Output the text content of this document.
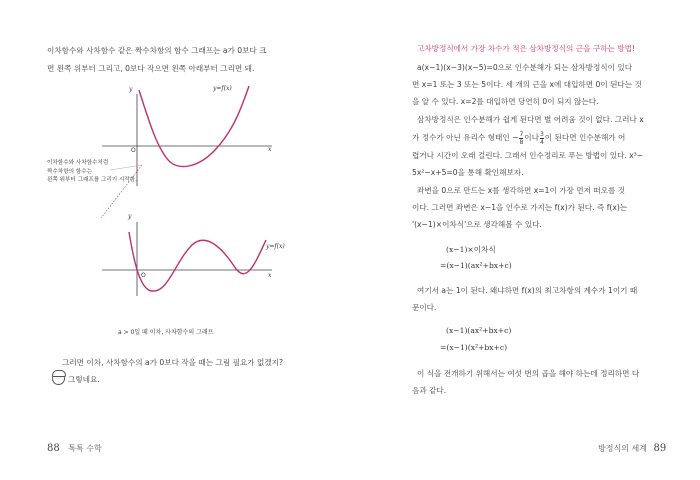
이차함수와 사차함수 같은 짝수차항의 함수 그래프는 a가 0보다 크
면 왼쪽 위부터 그리고, 0보다 작으면 왼쪽 아래부터 그리면 돼.
y
x
O
y=f(x)
y
x
O
y=f(x)
이차함수와 사차함수처럼
짝수차항의 함수는
왼쪽 위부터 그래프를 그리기 시작함.
a > 0일 때 이차, 사차함수의 그래프
그러면 이차, 사차함수의 a가 0보다 작을 때는 그림 필요가 없겠지?
그렇네요.
88 톡톡 수학
고차방정식에서 가장 차수가 적은 삼차방정식의 근을 구하는 방법!
a(x−1)(x−3)(x−5)=0으로 인수분해가 되는 삼차방정식이 있다
면 x=1 또는 3 또는 5이다. 세 개의 근을 x에 대입하면 0이 된다는 것
을 알 수 있다. x=2를 대입하면 당연히 0이 되지 않는다.
삼차방정식은 인수분해가 쉽게 된다면 별 어려움 것이 없다. 그러나 x
가 정수가 아닌 유리수 형태인 − $\frac{7}{8}$ 이나 $\frac{3}{4}$ 이 된다면 인수분해가 어
렵거나 시간이 오래 걸린다. 그래서 인수정리로 푸는 방법이 있다. x³−
5x²−x+5=0을 통해 확인해보자.
좌변을 0으로 만드는 x를 생각하면 x=1이 가장 먼저 떠오를 것
이다. 그러면 좌변은 x−1을 인수로 가지는 f(x)가 된다. 즉 f(x)는
'(x−1)×이차식'으로 생각해볼 수 있다.
(x−1)×이차식
=(x−1)(ax²+bx+c)
여기서 a는 1이 된다. 왜냐하면 f(x)의 최고차항의 계수가 1이기 때
문이다.
(x−1)(ax²+bx+c)
=(x−1)(x²+bx+c)
이 식을 전개하기 위해서는 여섯 번의 곱을 해야 하는데 정리하면 다
음과 같다.
방정식의 세계 89
